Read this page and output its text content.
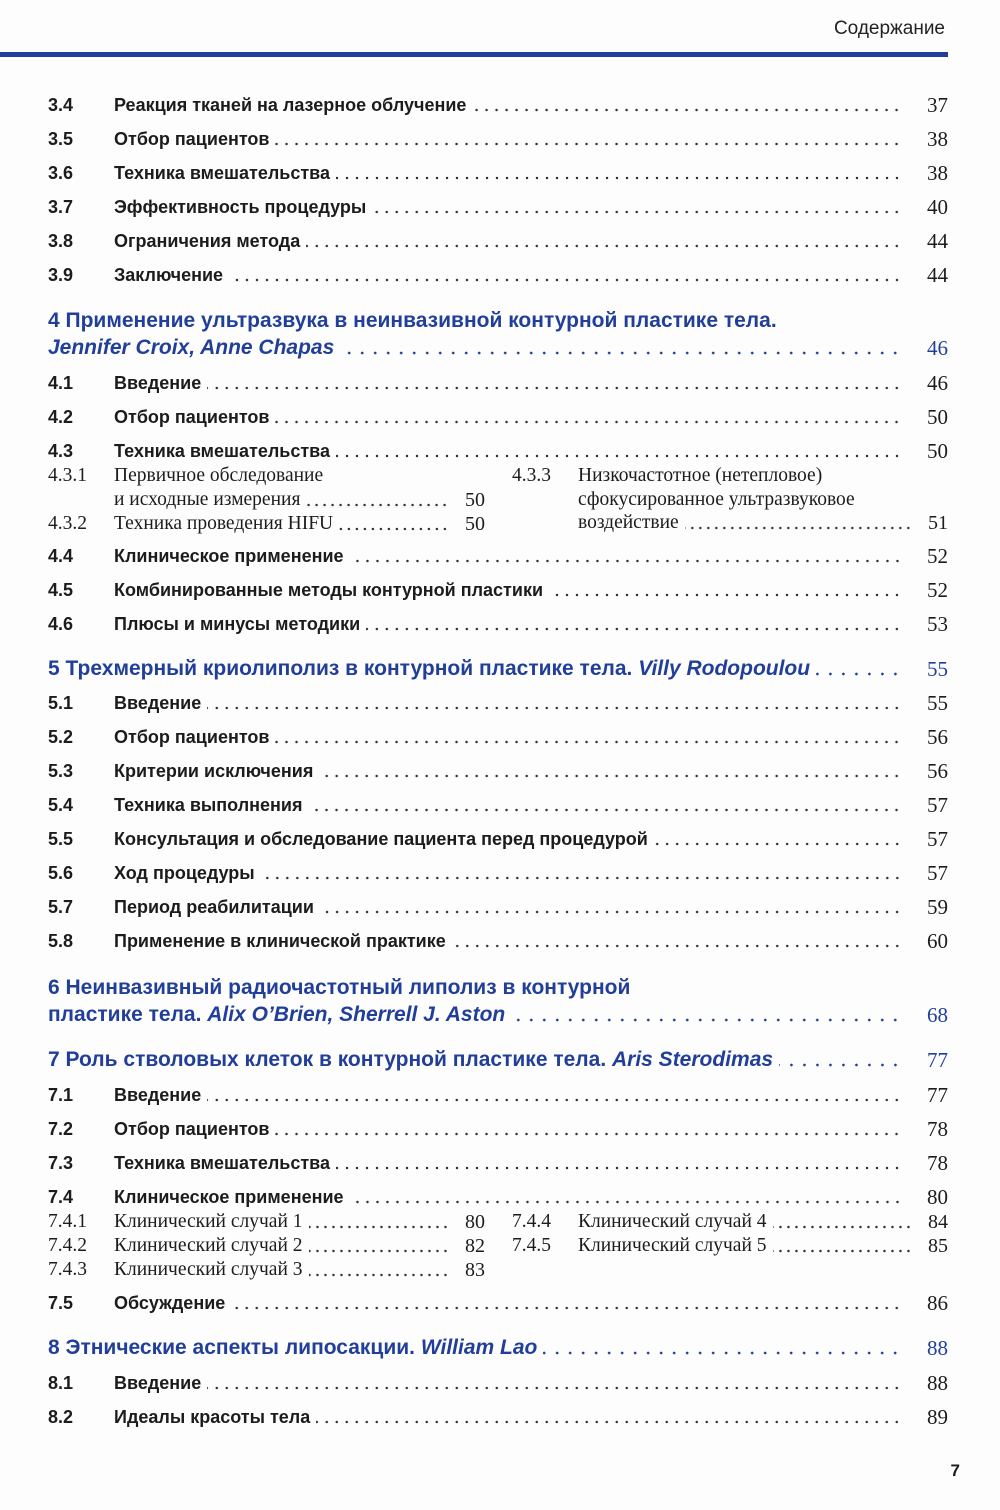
Содержание
3.4	Реакция тканей на лазерное облучение	37
3.5	Отбор пациентов	38
3.6	Техника вмешательства	38
3.7	Эффективность процедуры	40
3.8	Ограничения метода	44
3.9	Заключение	44
4 Применение ультразвука в неинвазивной контурной пластике тела.
Jennifer Croix, Anne Chapas	46
4.1	Введение	46
4.2	Отбор пациентов	50
4.3	Техника вмешательства	50
4.3.1	Первичное обследование
и исходные измерения	50
4.3.2	Техника проведения HIFU	50
4.3.3	Низкочастотное (нетепловое)
сфокусированное ультразвуковое
воздействие	51
4.4	Клиническое применение	52
4.5	Комбинированные методы контурной пластики	52
4.6	Плюсы и минусы методики	53
5 Трехмерный криолиполиз в контурной пластике тела.
Villy Rodopoulou	55
5.1	Введение	55
5.2	Отбор пациентов	56
5.3	Критерии исключения	56
5.4	Техника выполнения	57
5.5	Консультация и обследование пациента перед процедурой	57
5.6	Ход процедуры	57
5.7	Период реабилитации	59
5.8	Применение в клинической практике	60
6 Неинвазивный радиочастотный липолиз в контурной
пластике тела.
Alix O’Brien, Sherrell J. Aston	68
7 Роль стволовых клеток в контурной пластике тела.
Aris Sterodimas	77
7.1	Введение	77
7.2	Отбор пациентов	78
7.3	Техника вмешательства	78
7.4	Клиническое применение	80
7.4.1	Клинический случай 1	80
7.4.2	Клинический случай 2	82
7.4.3	Клинический случай 3	83
7.4.4	Клинический случай 4	84
7.4.5	Клинический случай 5	85
7.5	Обсуждение	86
8 Этнические аспекты липосакции.
William Lao	88
8.1	Введение	88
8.2	Идеалы красоты тела	89
7
